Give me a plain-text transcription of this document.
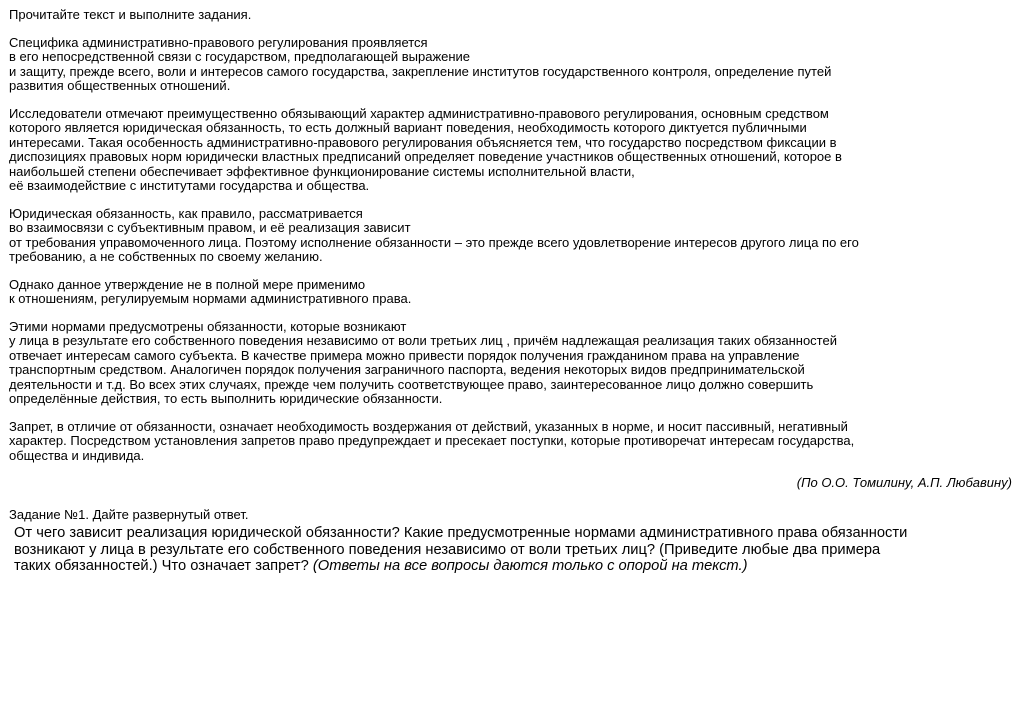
Прочитайте текст и выполните задания.

Специфика административно-правового регулирования проявляется
в его непосредственной связи с государством, предполагающей выражение
и защиту, прежде всего, воли и интересов самого государства, закрепление институтов государственного контроля, определение путей
развития общественных отношений.

Исследователи отмечают преимущественно обязывающий характер административно-правового регулирования, основным средством
которого является юридическая обязанность, то есть должный вариант поведения, необходимость которого диктуется публичными
интересами. Такая особенность административно-правового регулирования объясняется тем, что государство посредством фиксации в
диспозициях правовых норм юридически властных предписаний определяет поведение участников общественных отношений, которое в
наибольшей степени обеспечивает эффективное функционирование системы исполнительной власти,
её взаимодействие с институтами государства и общества.

Юридическая обязанность, как правило, рассматривается
во взаимосвязи с субъективным правом, и её реализация зависит
от требования управомоченного лица. Поэтому исполнение обязанности – это прежде всего удовлетворение интересов другого лица по его
требованию, а не собственных по своему желанию.

Однако данное утверждение не в полной мере применимо
к отношениям, регулируемым нормами административного права.

Этими нормами предусмотрены обязанности, которые возникают
у лица в результате его собственного поведения независимо от воли третьих лиц , причём надлежащая реализация таких обязанностей
отвечает интересам самого субъекта. В качестве примера можно привести порядок получения гражданином права на управление
транспортным средством. Аналогичен порядок получения заграничного паспорта, ведения некоторых видов предпринимательской
деятельности и т.д. Во всех этих случаях, прежде чем получить соответствующее право, заинтересованное лицо должно совершить
определённые действия, то есть выполнить юридические обязанности.

Запрет, в отличие от обязанности, означает необходимость воздержания от действий, указанных в норме, и носит пассивный, негативный
характер. Посредством установления запретов право предупреждает и пресекает поступки, которые противоречат интересам государства,
общества и индивида.

(По О.О. Томилину, А.П. Любавину)

Задание №1. Дайте развернутый ответ.

От чего зависит реализация юридической обязанности? Какие предусмотренные нормами административного права обязанности
возникают у лица в результате его собственного поведения независимо от воли третьих лиц? (Приведите любые два примера
таких обязанностей.) Что означает запрет? (Ответы на все вопросы даются только с опорой на текст.)
